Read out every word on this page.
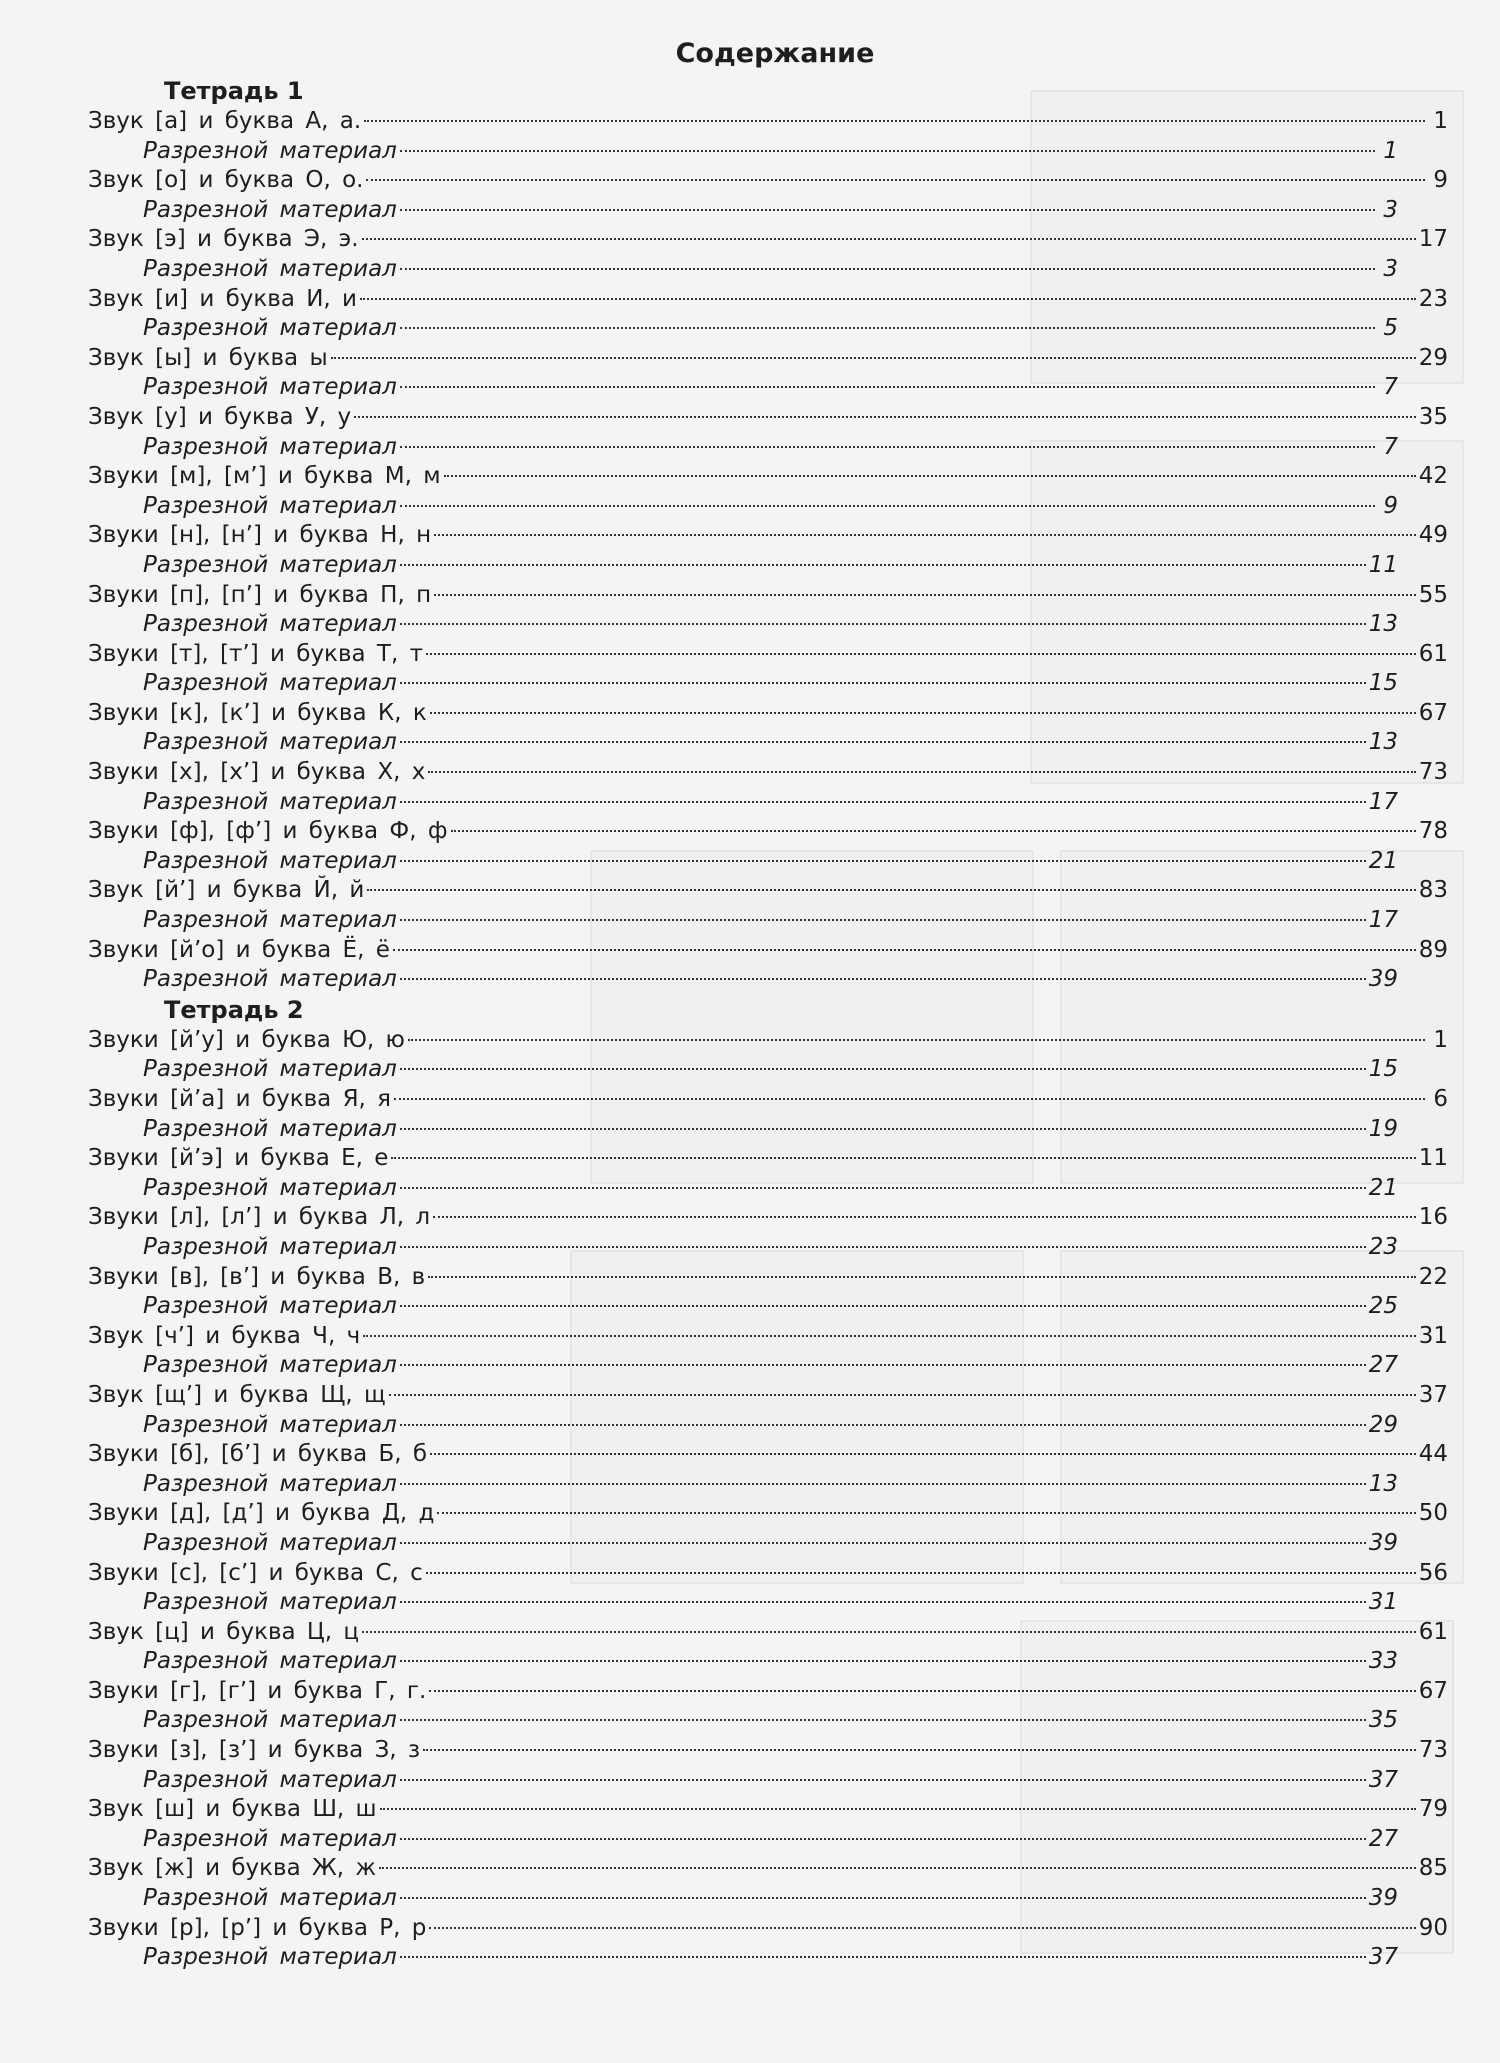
Содержание
Тетрадь 1
Звук [а] и буква А, а.	1
Разрезной материал	1
Звук [о] и буква О, о.	9
Разрезной материал	3
Звук [э] и буква Э, э.	17
Разрезной материал	3
Звук [и] и буква И, и	23
Разрезной материал	5
Звук [ы] и буква ы	29
Разрезной материал	7
Звук [у] и буква У, у	35
Разрезной материал	7
Звуки [м], [м’] и буква М, м	42
Разрезной материал	9
Звуки [н], [н’] и буква Н, н	49
Разрезной материал	11
Звуки [п], [п’] и буква П, п	55
Разрезной материал	13
Звуки [т], [т’] и буква Т, т	61
Разрезной материал	15
Звуки [к], [к’] и буква К, к	67
Разрезной материал	13
Звуки [х], [х’] и буква Х, х	73
Разрезной материал	17
Звуки [ф], [ф’] и буква Ф, ф	78
Разрезной материал	21
Звук [й’] и буква Й, й	83
Разрезной материал	17
Звуки [й’о] и буква Ё, ё	89
Разрезной материал	39
Тетрадь 2
Звуки [й’у] и буква Ю, ю	1
Разрезной материал	15
Звуки [й’а] и буква Я, я	6
Разрезной материал	19
Звуки [й’э] и буква Е, е	11
Разрезной материал	21
Звуки [л], [л’] и буква Л, л	16
Разрезной материал	23
Звуки [в], [в’] и буква В, в	22
Разрезной материал	25
Звук [ч’] и буква Ч, ч	31
Разрезной материал	27
Звук [щ’] и буква Щ, щ	37
Разрезной материал	29
Звуки [б], [б’] и буква Б, б	44
Разрезной материал	13
Звуки [д], [д’] и буква Д, д	50
Разрезной материал	39
Звуки [с], [с’] и буква С, с	56
Разрезной материал	31
Звук [ц] и буква Ц, ц	61
Разрезной материал	33
Звуки [г], [г’] и буква Г, г.	67
Разрезной материал	35
Звуки [з], [з’] и буква З, з	73
Разрезной материал	37
Звук [ш] и буква Ш, ш	79
Разрезной материал	27
Звук [ж] и буква Ж, ж	85
Разрезной материал	39
Звуки [р], [р’] и буква Р, р	90
Разрезной материал	37
